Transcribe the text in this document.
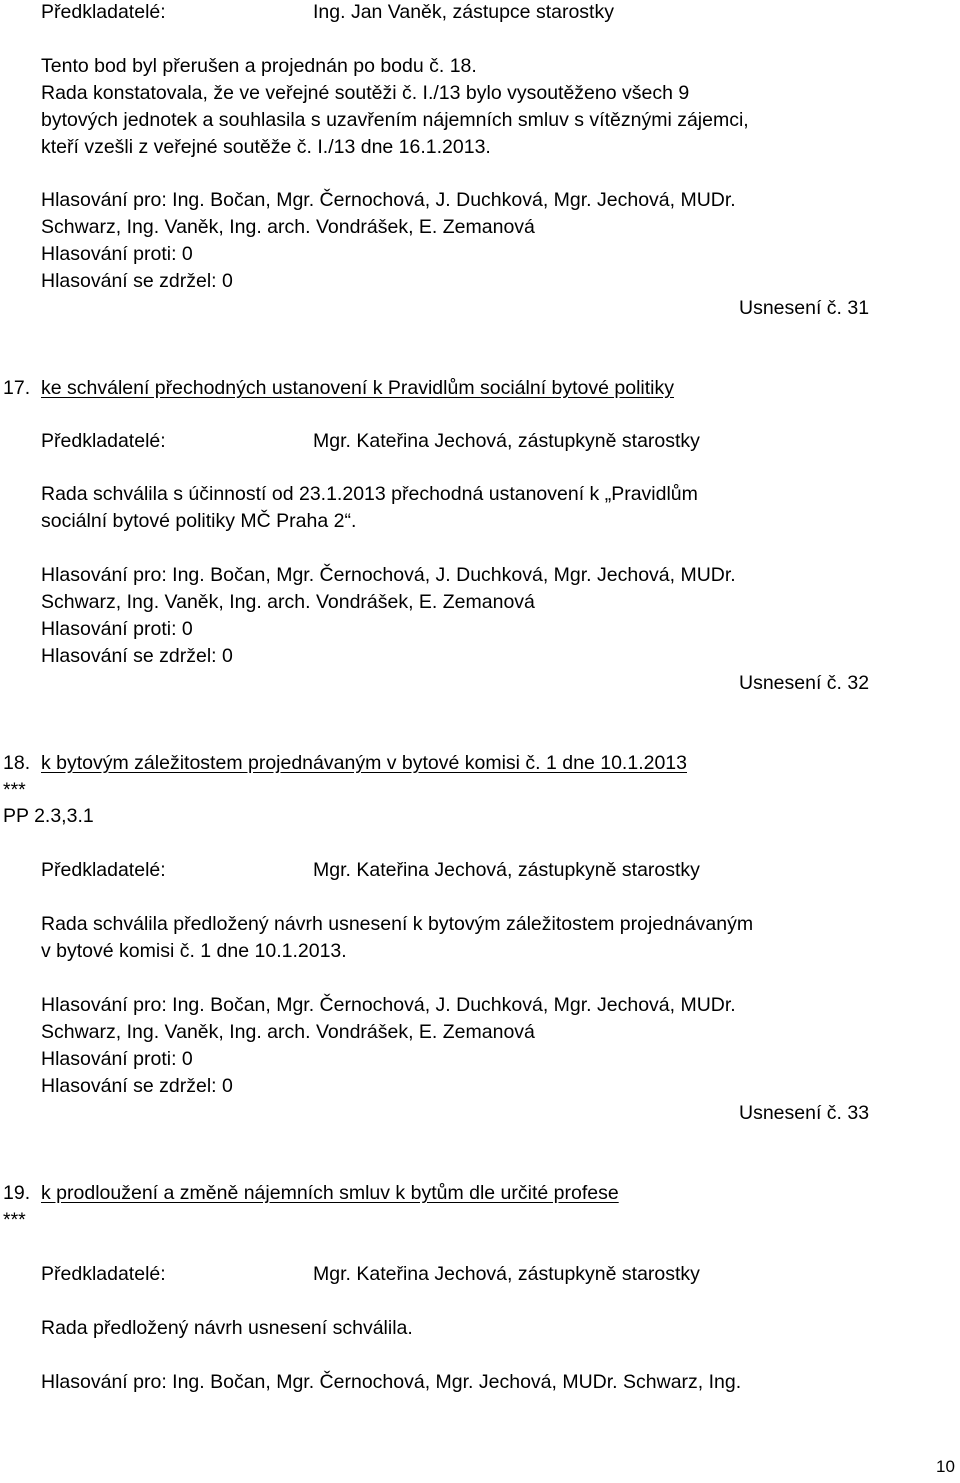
Předkladatelé:	Ing. Jan Vaněk, zástupce starostky

Tento bod byl přerušen a projednán po bodu č. 18.

Rada konstatovala, že ve veřejné soutěži č. I./13 bylo vysoutěženo všech 9

bytových jednotek a souhlasila s uzavřením nájemních smluv s vítěznými zájemci,

kteří vzešli z veřejné soutěže č. I./13 dne 16.1.2013.

Hlasování pro: Ing. Bočan, Mgr. Černochová, J. Duchková, Mgr. Jechová, MUDr.

Schwarz, Ing. Vaněk, Ing. arch. Vondrášek, E. Zemanová

Hlasování proti: 0

Hlasování se zdržel: 0

Usnesení č. 31

17. ke schválení přechodných ustanovení k Pravidlům sociální bytové politiky

Předkladatelé:	Mgr. Kateřina Jechová, zástupkyně starostky

Rada schválila s účinností od 23.1.2013 přechodná ustanovení k „Pravidlům

sociální bytové politiky MČ Praha 2“.

Hlasování pro: Ing. Bočan, Mgr. Černochová, J. Duchková, Mgr. Jechová, MUDr.

Schwarz, Ing. Vaněk, Ing. arch. Vondrášek, E. Zemanová

Hlasování proti: 0

Hlasování se zdržel: 0

Usnesení č. 32

18. k bytovým záležitostem projednávaným v bytové komisi č. 1 dne 10.1.2013

***

PP 2.3,3.1

Předkladatelé:	Mgr. Kateřina Jechová, zástupkyně starostky

Rada schválila předložený návrh usnesení k bytovým záležitostem projednávaným

v bytové komisi č. 1 dne 10.1.2013.

Hlasování pro: Ing. Bočan, Mgr. Černochová, J. Duchková, Mgr. Jechová, MUDr.

Schwarz, Ing. Vaněk, Ing. arch. Vondrášek, E. Zemanová

Hlasování proti: 0

Hlasování se zdržel: 0

Usnesení č. 33

19. k prodloužení a změně nájemních smluv k bytům dle určité profese

***

Předkladatelé:	Mgr. Kateřina Jechová, zástupkyně starostky

Rada předložený návrh usnesení schválila.

Hlasování pro: Ing. Bočan, Mgr. Černochová, Mgr. Jechová, MUDr. Schwarz, Ing.

10
